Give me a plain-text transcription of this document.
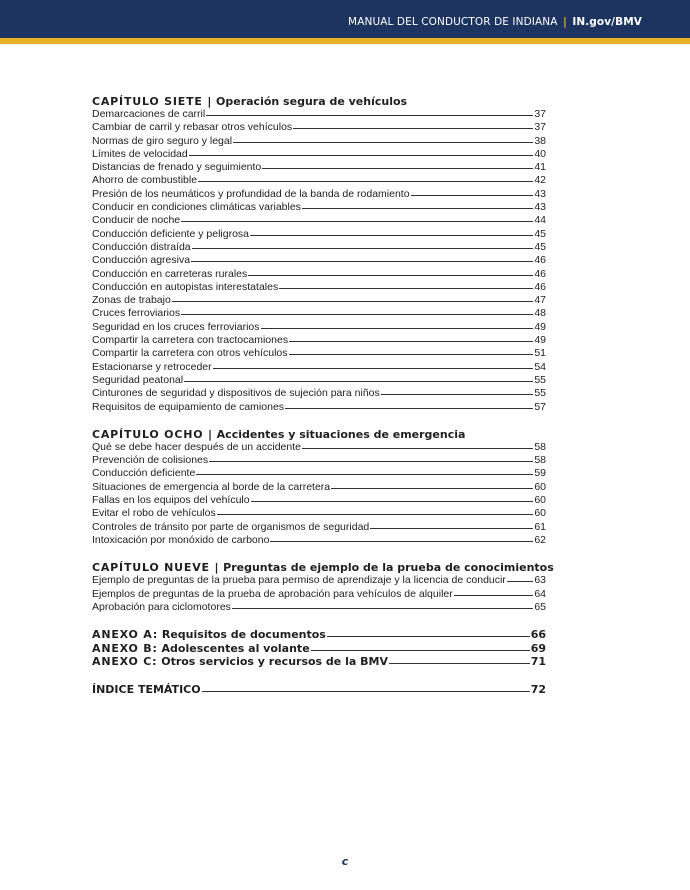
MANUAL DEL CONDUCTOR DE INDIANA | IN.gov/BMV
CAPÍTULO SIETE | Operación segura de vehículos
Demarcaciones de carril	37
Cambiar de carril y rebasar otros vehículos	37
Normas de giro seguro y legal	38
Límites de velocidad	40
Distancias de frenado y seguimiento	41
Ahorro de combustible	42
Presión de los neumáticos y profundidad de la banda de rodamiento	43
Conducir en condiciones climáticas variables	43
Conducir de noche	44
Conducción deficiente y peligrosa	45
Conducción distraída	45
Conducción agresiva	46
Conducción en carreteras rurales	46
Conducción en autopistas interestatales	46
Zonas de trabajo	47
Cruces ferroviarios	48
Seguridad en los cruces ferroviarios	49
Compartir la carretera con tractocamiones	49
Compartir la carretera con otros vehículos	51
Estacionarse y retroceder	54
Seguridad peatonal	55
Cinturones de seguridad y dispositivos de sujeción para niños	55
Requisitos de equipamiento de camiones	57
CAPÍTULO OCHO | Accidentes y situaciones de emergencia
Qué se debe hacer después de un accidente	58
Prevención de colisiones	58
Conducción deficiente	59
Situaciones de emergencia al borde de la carretera	60
Fallas en los equipos del vehículo	60
Evitar el robo de vehículos	60
Controles de tránsito por parte de organismos de seguridad	61
Intoxicación por monóxido de carbono	62
CAPÍTULO NUEVE | Preguntas de ejemplo de la prueba de conocimientos
Ejemplo de preguntas de la prueba para permiso de aprendizaje y la licencia de conducir	63
Ejemplos de preguntas de la prueba de aprobación para vehículos de alquiler	64
Aprobación para ciclomotores	65
ANEXO A: Requisitos de documentos	66
ANEXO B: Adolescentes al volante	69
ANEXO C: Otros servicios y recursos de la BMV	71
ÍNDICE TEMÁTICO	72
c
